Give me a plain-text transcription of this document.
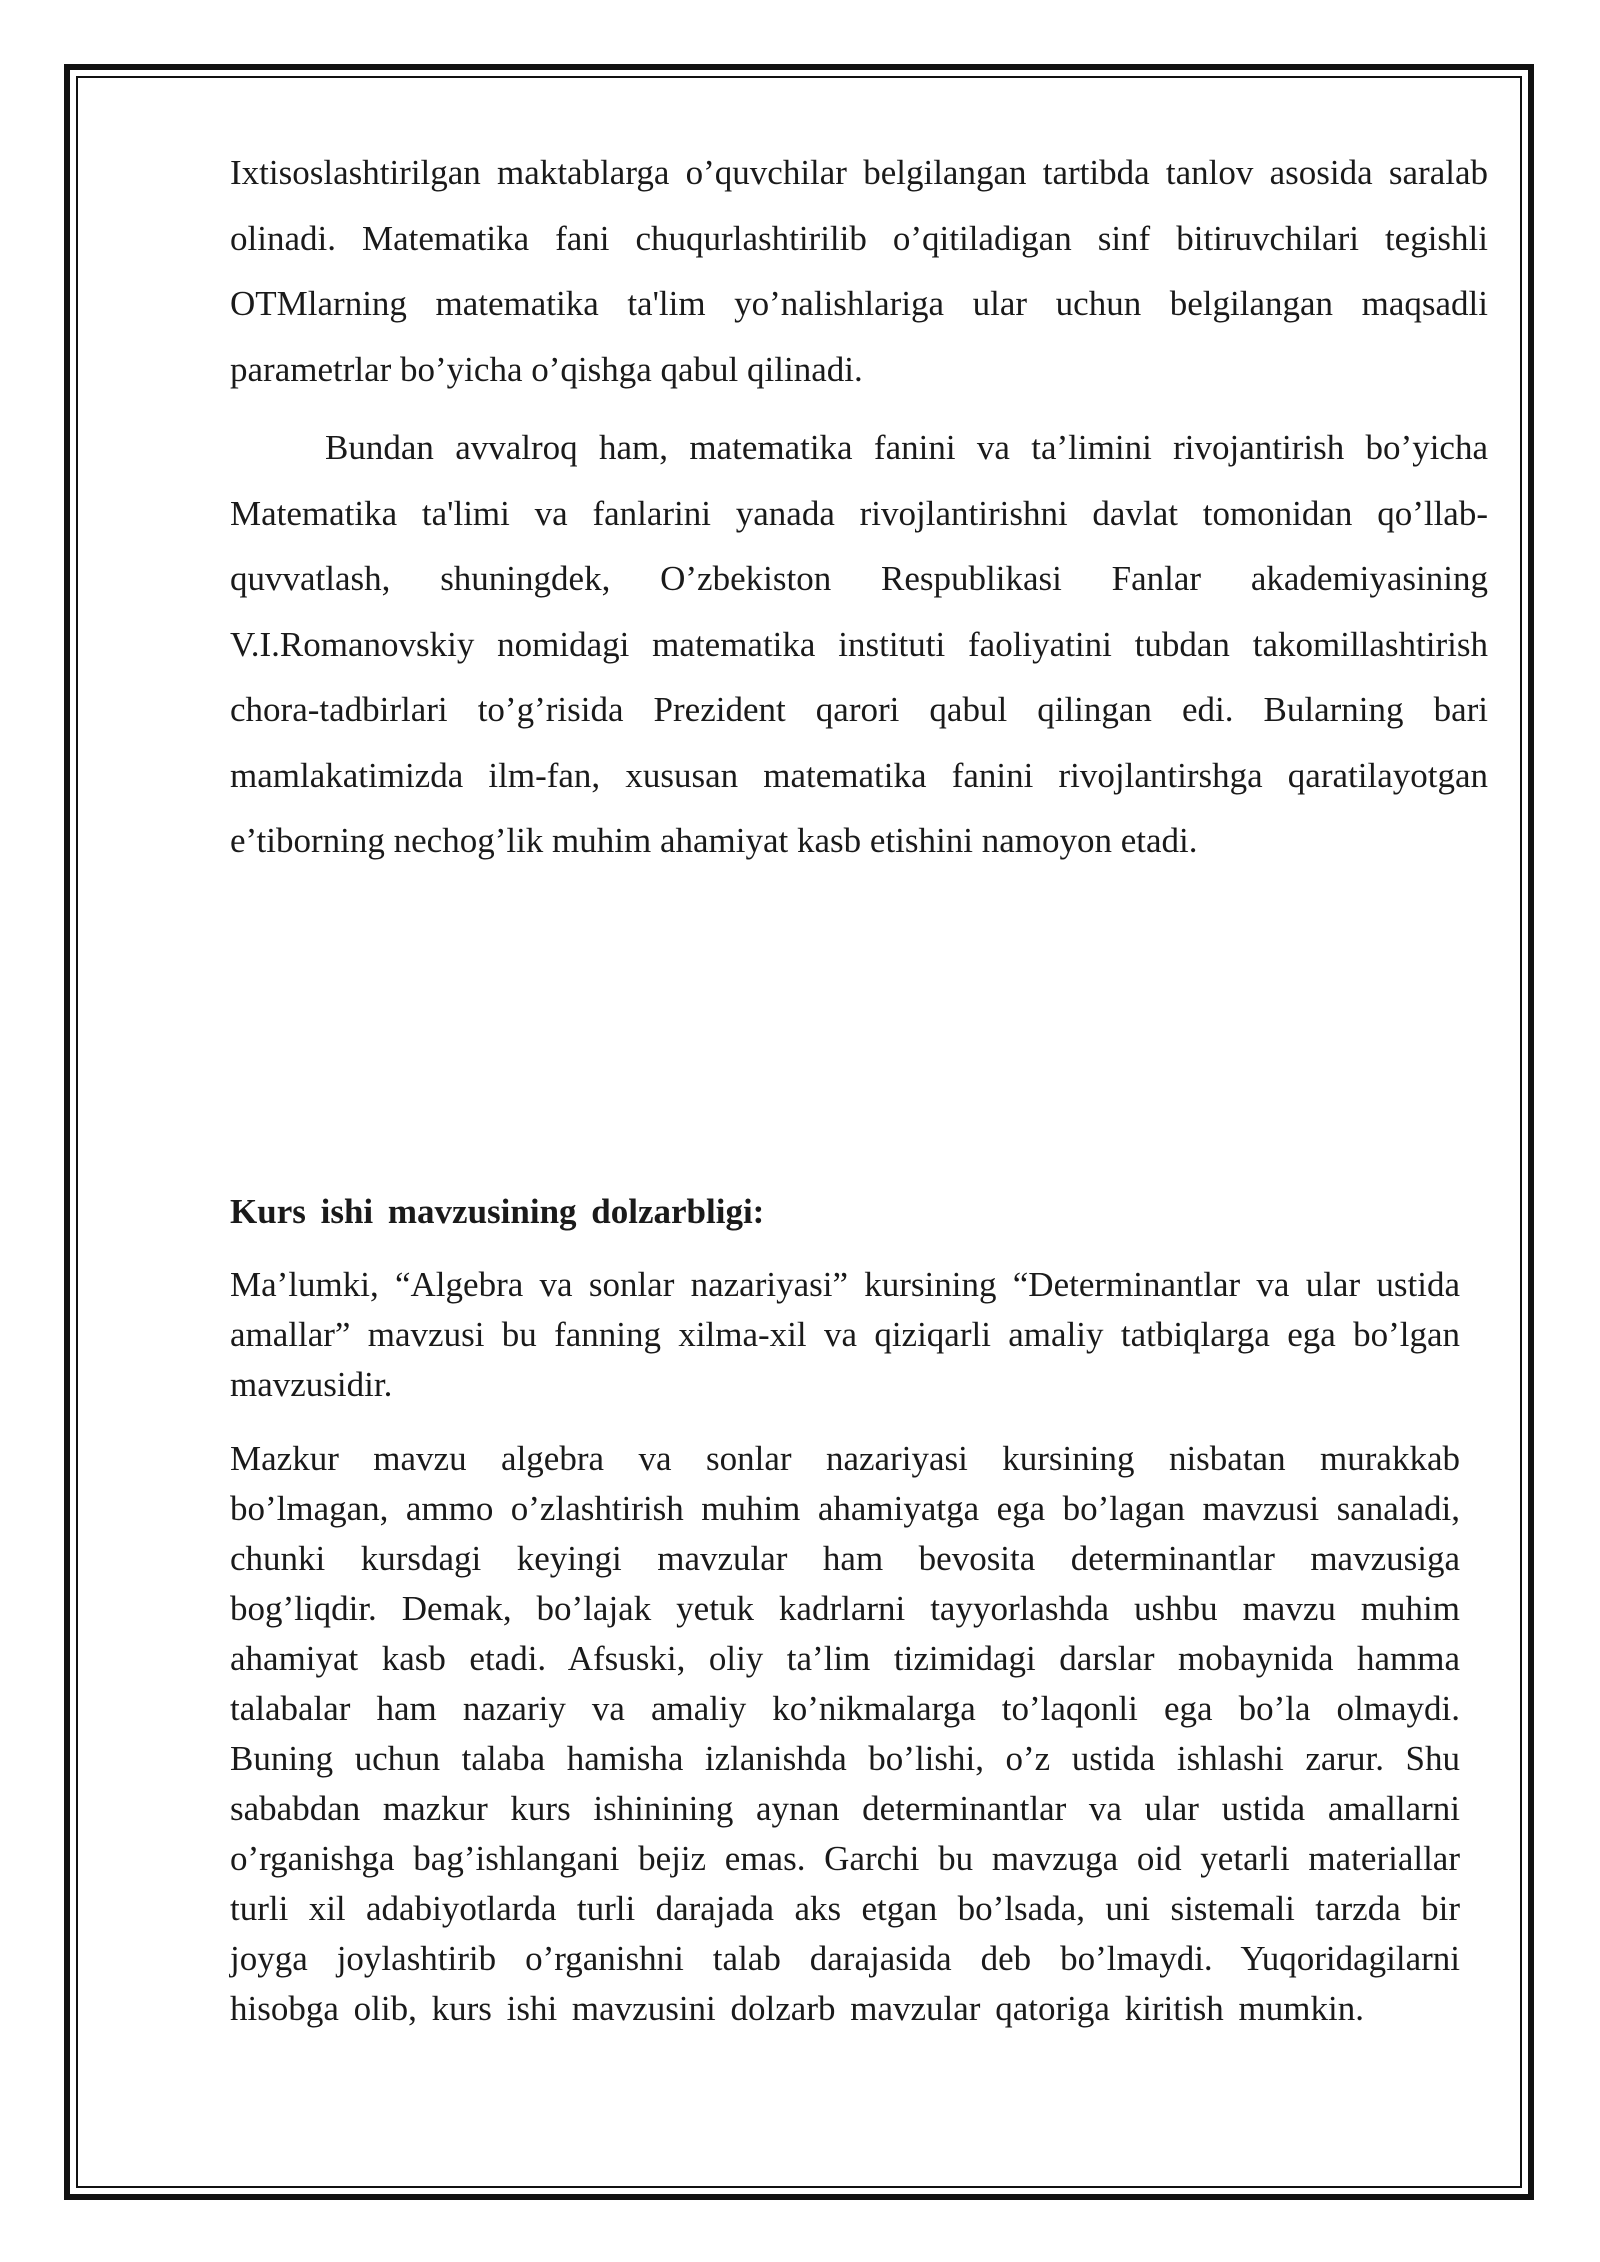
Ixtisoslashtirilgan maktablarga o’quvchilar belgilangan tartibda tanlov asosida saralab olinadi. Matematika fani chuqurlashtirilib o’qitiladigan sinf bitiruvchilari tegishli OTMlarning matematika ta'lim yo’nalishlariga ular uchun belgilangan maqsadli parametrlar bo’yicha o’qishga qabul qilinadi.

Bundan avvalroq ham, matematika fanini va ta’limini rivojantirish bo’yicha Matematika ta'limi va fanlarini yanada rivojlantirishni davlat tomonidan qo’llab-quvvatlash, shuningdek, O’zbekiston Respublikasi Fanlar akademiyasining V.I.Romanovskiy nomidagi matematika instituti faoliyatini tubdan takomillashtirish chora-tadbirlari to’g’risida Prezident qarori qabul qilingan edi. Bularning bari mamlakatimizda ilm-fan, xususan matematika fanini rivojlantirshga qaratilayotgan e’tiborning nechog’lik muhim ahamiyat kasb etishini namoyon etadi.

Kurs ishi mavzusining dolzarbligi:

Ma’lumki, “Algebra va sonlar nazariyasi” kursining “Determinantlar va ular ustida amallar” mavzusi bu fanning xilma-xil va qiziqarli amaliy tatbiqlarga ega bo’lgan mavzusidir.

Mazkur mavzu algebra va sonlar nazariyasi kursining nisbatan murakkab bo’lmagan, ammo o’zlashtirish muhim ahamiyatga ega bo’lagan mavzusi sanaladi, chunki kursdagi keyingi mavzular ham bevosita determinantlar mavzusiga bog’liqdir. Demak, bo’lajak yetuk kadrlarni tayyorlashda ushbu mavzu muhim ahamiyat kasb etadi. Afsuski, oliy ta’lim tizimidagi darslar mobaynida hamma talabalar ham nazariy va amaliy ko’nikmalarga to’laqonli ega bo’la olmaydi. Buning uchun talaba hamisha izlanishda bo’lishi, o’z ustida ishlashi zarur. Shu sababdan mazkur kurs ishinining aynan determinantlar va ular ustida amallarni o’rganishga bag’ishlangani bejiz emas. Garchi bu mavzuga oid yetarli materiallar turli xil adabiyotlarda turli darajada aks etgan bo’lsada, uni sistemali tarzda bir joyga joylashtirib o’rganishni talab darajasida deb bo’lmaydi. Yuqoridagilarni hisobga olib, kurs ishi mavzusini dolzarb mavzular qatoriga kiritish mumkin.
